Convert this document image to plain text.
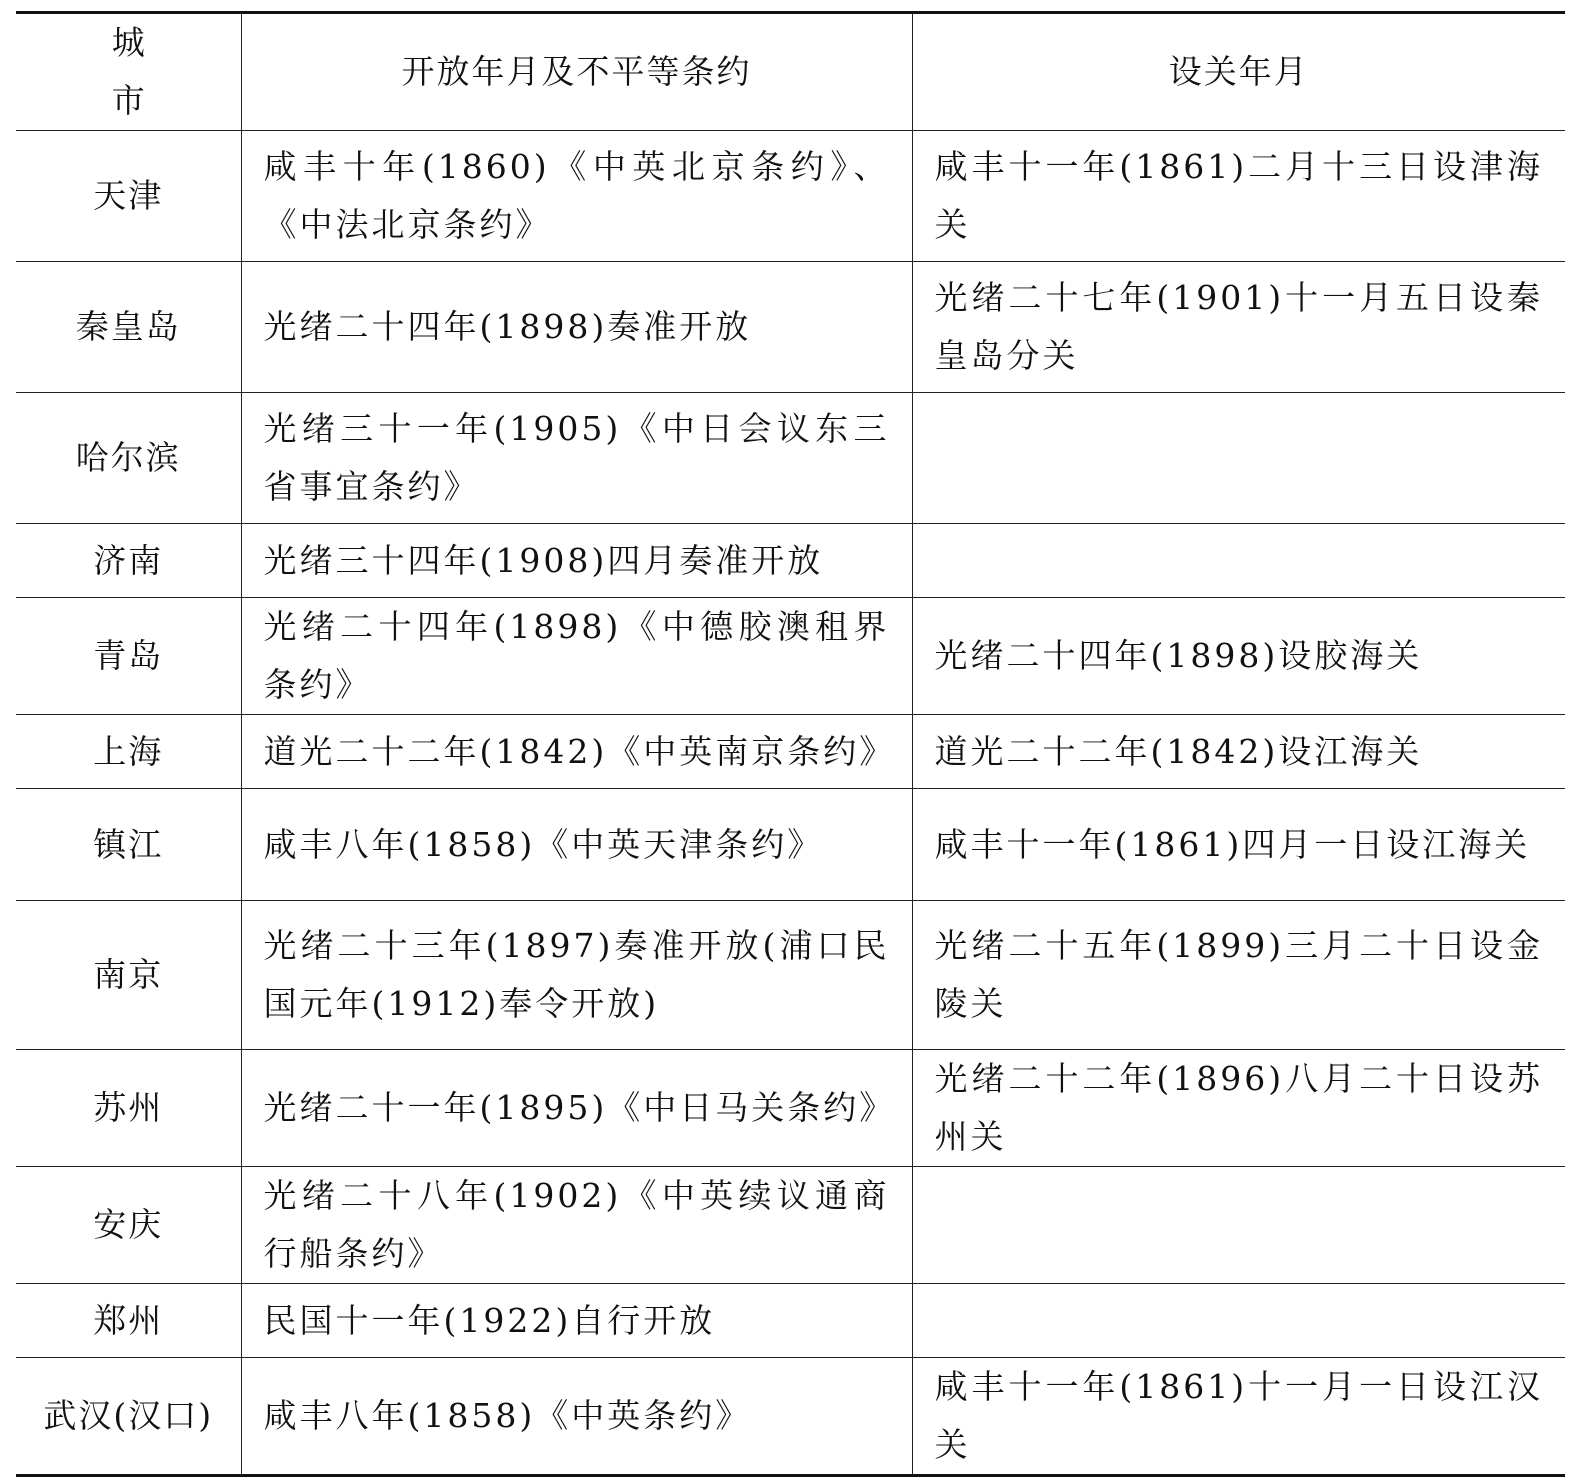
城 市	开放年月及不平等条约	设关年月
天津	咸丰十年(1860)《中英北京条约》、《中法北京条约》	咸丰十一年(1861)二月十三日设津海关
秦皇岛	光绪二十四年(1898)奏准开放	光绪二十七年(1901)十一月五日设秦皇岛分关
哈尔滨	光绪三十一年(1905)《中日会议东三省事宜条约》	
济南	光绪三十四年(1908)四月奏准开放	
青岛	光绪二十四年(1898)《中德胶澳租界条约》	光绪二十四年(1898)设胶海关
上海	道光二十二年(1842)《中英南京条约》	道光二十二年(1842)设江海关
镇江	咸丰八年(1858)《中英天津条约》	咸丰十一年(1861)四月一日设江海关
南京	光绪二十三年(1897)奏准开放(浦口民国元年(1912)奉令开放)	光绪二十五年(1899)三月二十日设金陵关
苏州	光绪二十一年(1895)《中日马关条约》	光绪二十二年(1896)八月二十日设苏州关
安庆	光绪二十八年(1902)《中英续议通商行船条约》	
郑州	民国十一年(1922)自行开放	
武汉(汉口)	咸丰八年(1858)《中英条约》	咸丰十一年(1861)十一月一日设江汉关
